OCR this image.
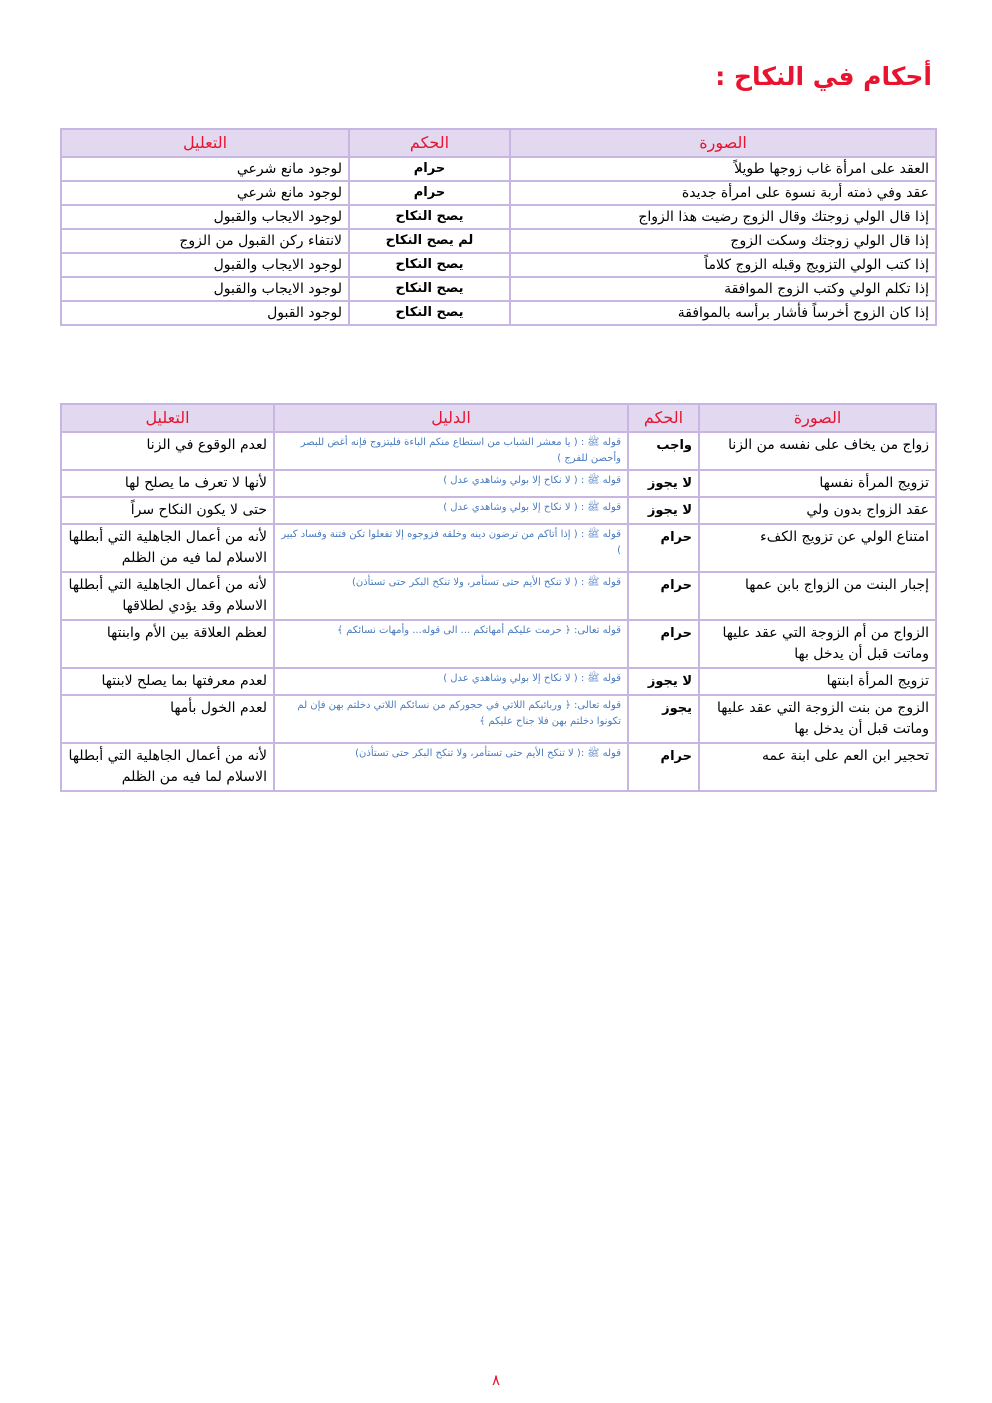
أحكام في النكاح :
الصورة	الحكم	التعليل
العقد على امرأة غاب زوجها طويلاً	حرام	لوجود مانع شرعي
عقد وفي ذمته أربة نسوة على امرأة جديدة	حرام	لوجود مانع شرعي
إذا قال الولي زوجتك وقال الزوج رضيت هذا الزواج	يصح النكاح	لوجود الايجاب والقبول
إذا قال الولي زوجتك وسكت الزوج	لم يصح النكاح	لانتفاء ركن القبول من الزوج
إذا كتب الولي التزويج وقبله الزوج كلاماً	يصح النكاح	لوجود الايجاب والقبول
إذا تكلم الولي وكتب الزوج الموافقة	يصح النكاح	لوجود الايجاب والقبول
إذا كان الزوج أخرساً فأشار برأسه بالموافقة	يصح النكاح	لوجود القبول
الصورة	الحكم	الدليل	التعليل
زواج من يخاف على نفسه من الزنا	واجب	قوله ﷺ : ( يا معشر الشباب من استطاع منكم الباءة فليتزوج فإنه أغض للبصر وأحصن للفرج )	لعدم الوقوع في الزنا
تزويج المرأة نفسها	لا يجوز	قوله ﷺ : ( لا نكاح إلا بولي وشاهدي عدل )	لأنها لا تعرف ما يصلح لها
عقد الزواج بدون ولي	لا يجوز	قوله ﷺ : ( لا نكاح إلا بولي وشاهدي عدل )	حتى لا يكون النكاح سراً
امتناع الولي عن تزويج الكفء	حرام	قوله ﷺ : ( إذا أتاكم من ترضون دينه وخلقه فزوجوه إلا تفعلوا تكن فتنة وفساد كبير )	لأنه من أعمال الجاهلية التي أبطلها الاسلام لما فيه من الظلم
إجبار البنت من الزواج بابن عمها	حرام	قوله ﷺ : ( لا تنكح الأيم حتى تستأمر، ولا تنكح البكر حتى تستأذن)	لأنه من أعمال الجاهلية التي أبطلها الاسلام وقد يؤدي لطلاقها
الزواج من أم الزوجة التي عقد عليها وماتت قبل أن يدخل بها	حرام	قوله تعالى: ﴿ حرمت عليكم أمهاتكم ... الى قوله... وأمهات نسائكم ﴾	لعظم العلاقة بين الأم وابنتها
تزويج المرأة ابنتها	لا يجوز	قوله ﷺ : ( لا نكاح إلا بولي وشاهدي عدل )	لعدم معرفتها بما يصلح لابنتها
الزوج من بنت الزوجة التي عقد عليها وماتت قبل أن يدخل بها	يجوز	قوله تعالى: ﴿ وربائبكم اللاتي في حجوركم من نسائكم اللاتي دخلتم بهن فإن لم تكونوا دخلتم بهن فلا جناح عليكم ﴾	لعدم الخول بأمها
تحجير ابن العم على ابنة عمه	حرام	قوله ﷺ :( لا تنكح الأيم حتى تستأمر، ولا تنكح البكر حتى تستأذن)	لأنه من أعمال الجاهلية التي أبطلها الاسلام لما فيه من الظلم
٨
